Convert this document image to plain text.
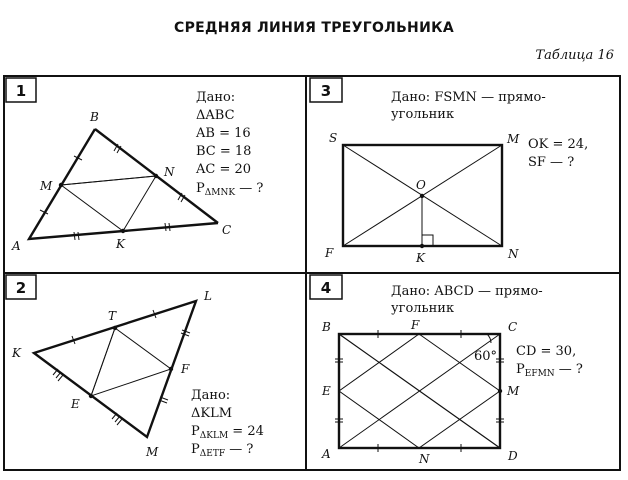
СРЕДНЯЯ ЛИНИЯ ТРЕУГОЛЬНИКА
Таблица 16
1
A
B
C
M
N
K
Дано:
ΔABC
AB = 16
BC = 18
AC = 20
$P_{\Delta MNK}$ — ?
2
K
L
M
T
F
E
Дано:
ΔKLM
$P_{\Delta KLM} = 24$
$P_{\Delta ETF}$ — ?
3	Дано: FSMN — прямо-
угольник
S	M
F	N
O
K
OK = 24,
SF — ?
4	Дано: ABCD — прямо-
угольник
B	C
A	D
F
E	M
N
60° CD = 30,
$P_{EFMN}$ — ?
